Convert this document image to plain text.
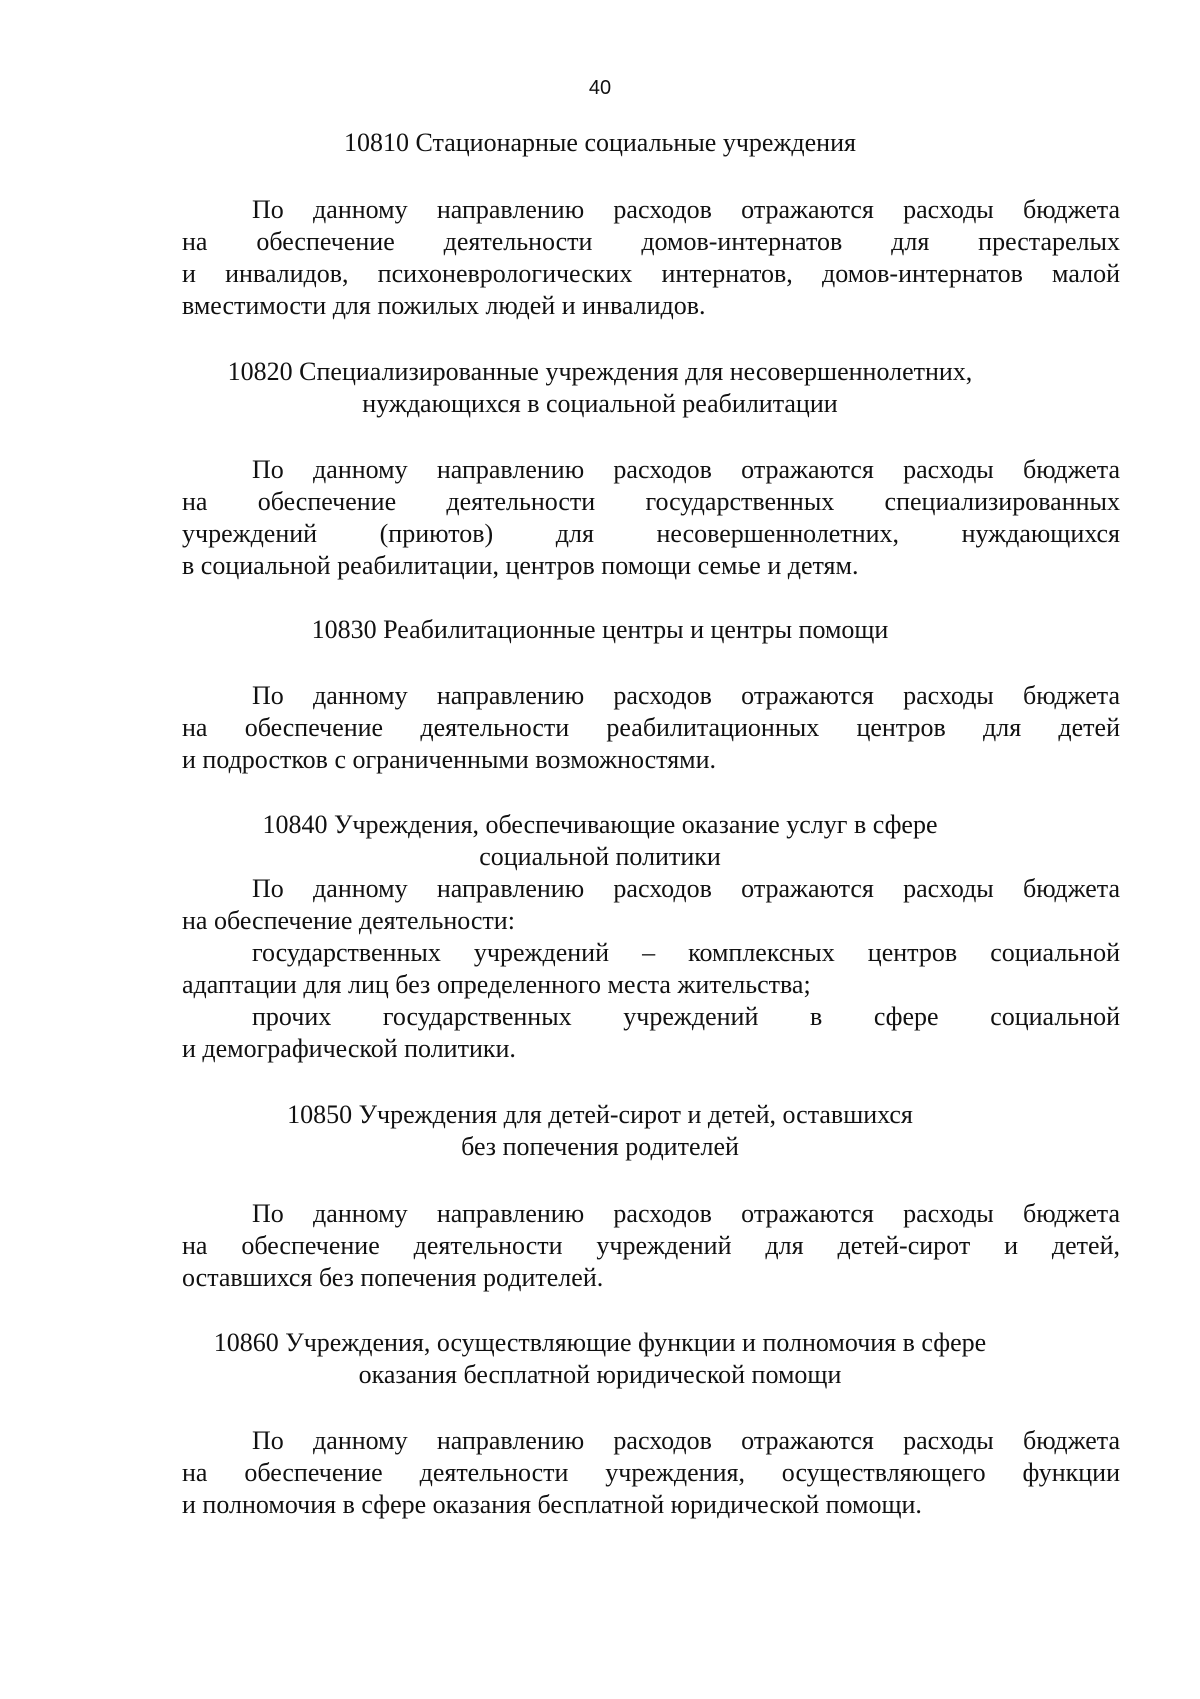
40
10810 Стационарные социальные учреждения
По данному направлению расходов отражаются расходы бюджета
на обеспечение деятельности домов-интернатов для престарелых
и инвалидов, психоневрологических интернатов, домов-интернатов малой
вместимости для пожилых людей и инвалидов.
10820 Специализированные учреждения для несовершеннолетних,
нуждающихся в социальной реабилитации
По данному направлению расходов отражаются расходы бюджета
на обеспечение деятельности государственных специализированных
учреждений (приютов) для несовершеннолетних, нуждающихся
в социальной реабилитации, центров помощи семье и детям.
10830 Реабилитационные центры и центры помощи
По данному направлению расходов отражаются расходы бюджета
на обеспечение деятельности реабилитационных центров для детей
и подростков с ограниченными возможностями.
10840 Учреждения, обеспечивающие оказание услуг в сфере
социальной политики
По данному направлению расходов отражаются расходы бюджета
на обеспечение деятельности:
государственных учреждений – комплексных центров социальной
адаптации для лиц без определенного места жительства;
прочих государственных учреждений в сфере социальной
и демографической политики.
10850 Учреждения для детей-сирот и детей, оставшихся
без попечения родителей
По данному направлению расходов отражаются расходы бюджета
на обеспечение деятельности учреждений для детей-сирот и детей,
оставшихся без попечения родителей.
10860 Учреждения, осуществляющие функции и полномочия в сфере
оказания бесплатной юридической помощи
По данному направлению расходов отражаются расходы бюджета
на обеспечение деятельности учреждения, осуществляющего функции
и полномочия в сфере оказания бесплатной юридической помощи.
